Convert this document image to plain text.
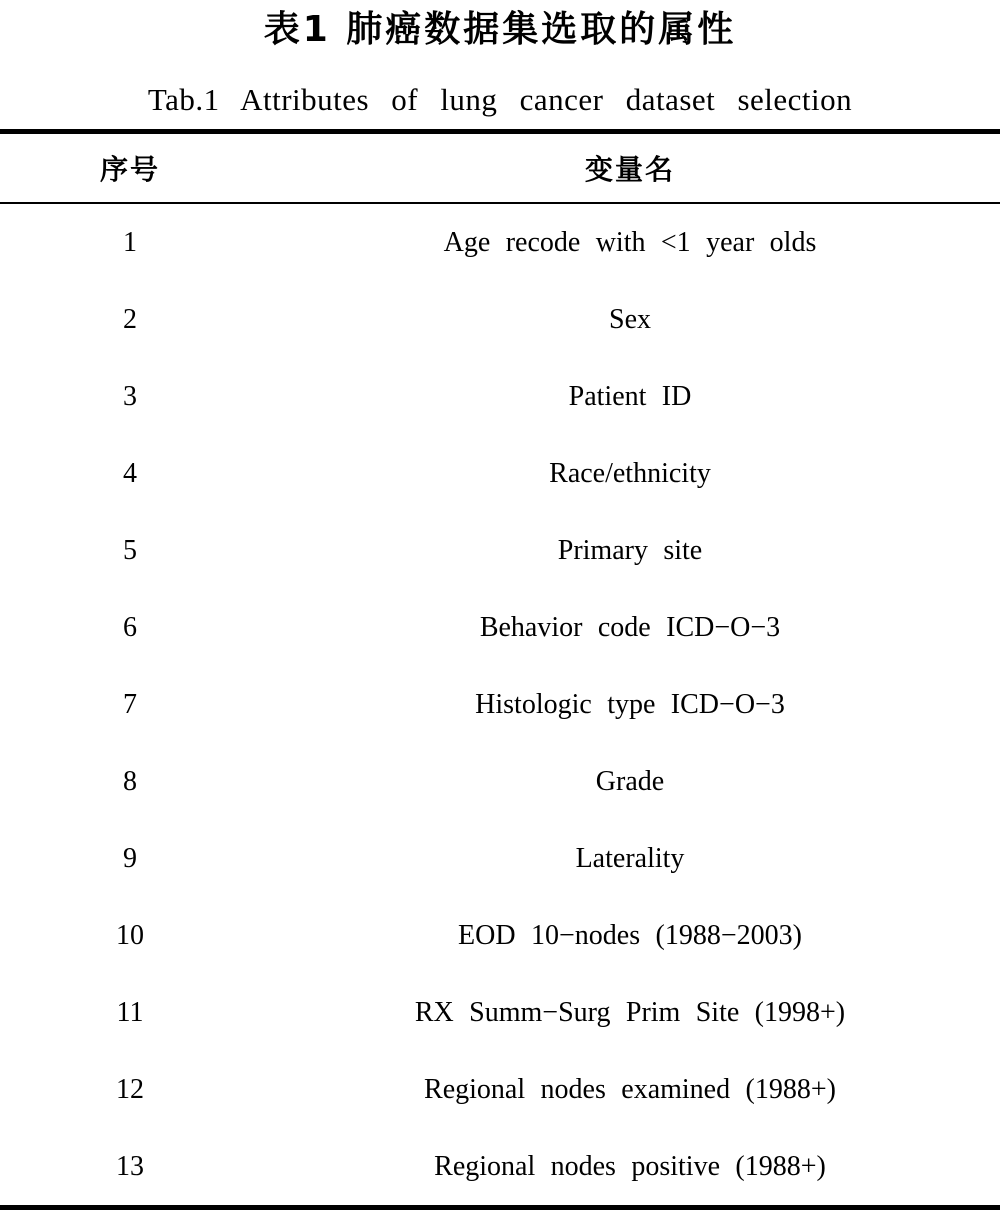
表1 肺癌数据集选取的属性
Tab.1 Attributes of lung cancer dataset selection
序号	变量名
1	Age recode with <1 year olds
2	Sex
3	Patient ID
4	Race/ethnicity
5	Primary site
6	Behavior code ICD−O−3
7	Histologic type ICD−O−3
8	Grade
9	Laterality
10	EOD 10−nodes (1988−2003)
11	RX Summ−Surg Prim Site (1998+)
12	Regional nodes examined (1988+)
13	Regional nodes positive (1988+)
